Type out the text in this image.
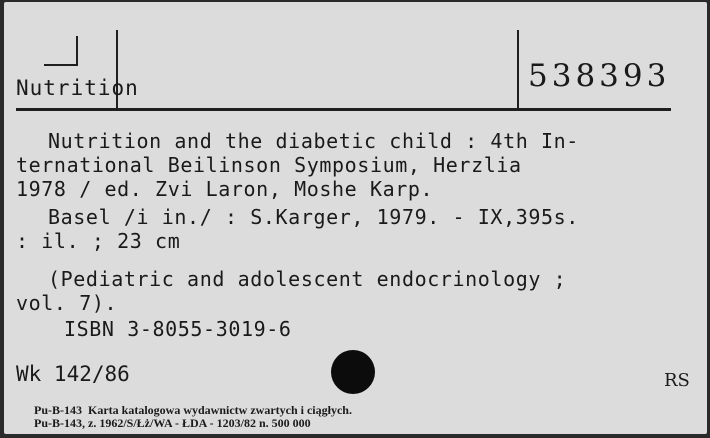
Nutrition	538393
Nutrition and the diabetic child : 4th In-
ternational Beilinson Symposium, Herzlia
1978 / ed. Zvi Laron, Moshe Karp.
Basel /i in./ : S.Karger, 1979. - IX,395s.
: il. ; 23 cm
(Pediatric and adolescent endocrinology ;
vol. 7).
ISBN 3-8055-3019-6
Wk 142/86	RS
Pu-B-143  Karta katalogowa wydawnictw zwartych i ciągłych.
Pu-B-143, z. 1962/S/Łż/WA - ŁDA - 1203/82 n. 500 000
